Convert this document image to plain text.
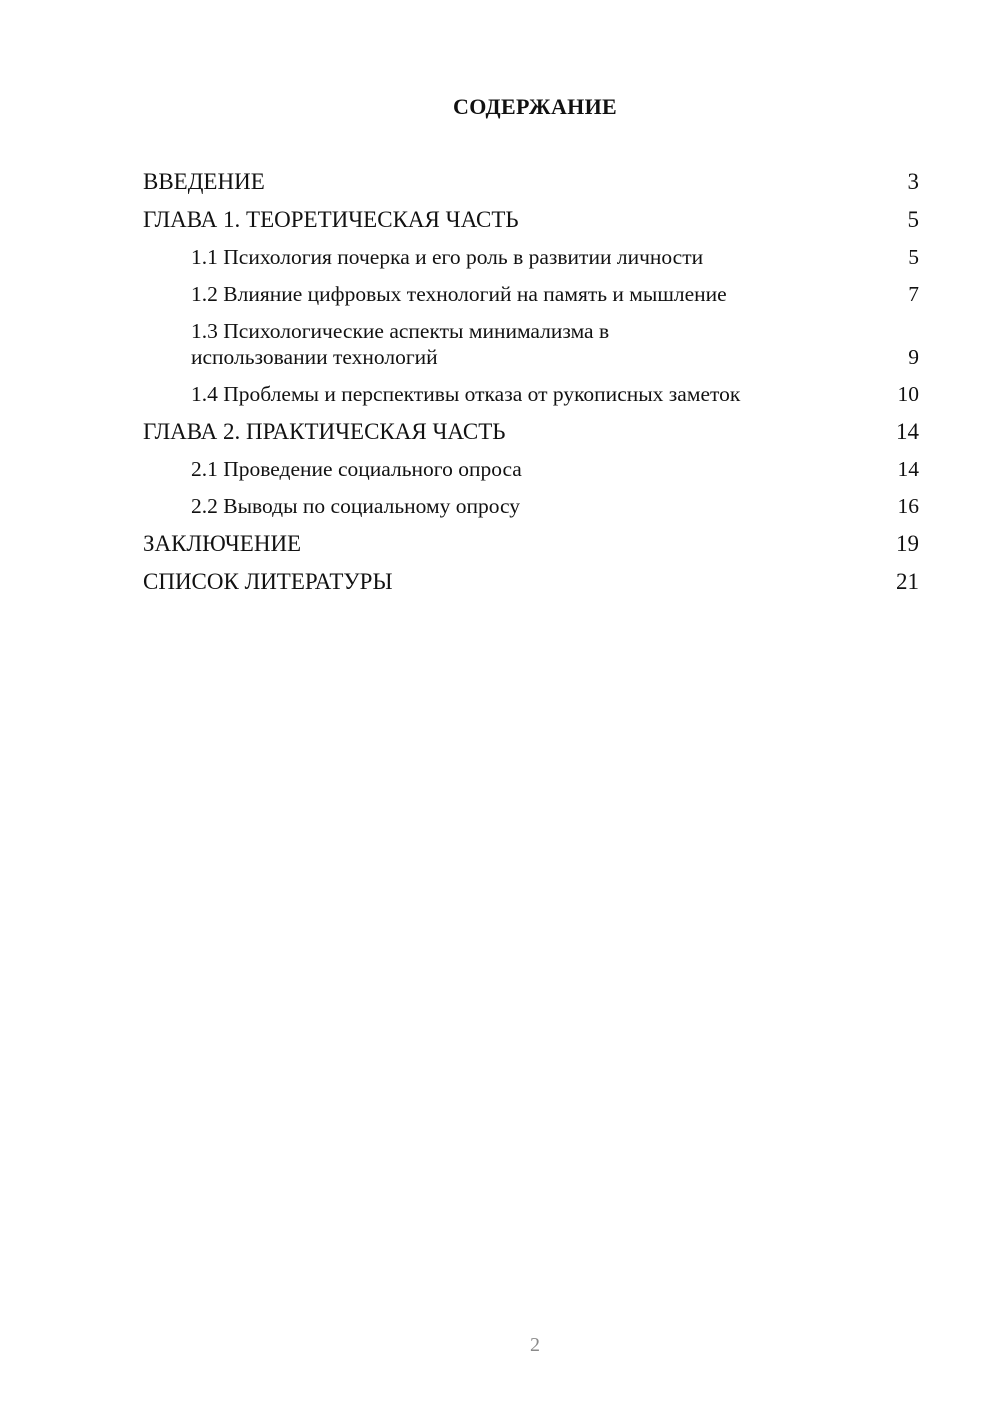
СОДЕРЖАНИЕ
ВВЕДЕНИЕ	3
ГЛАВА 1. ТЕОРЕТИЧЕСКАЯ ЧАСТЬ	5
1.1 Психология почерка и его роль в развитии личности	5
1.2 Влияние цифровых технологий на память и мышление	7
1.3 Психологические аспекты минимализма в использовании технологий	9
1.4 Проблемы и перспективы отказа от рукописных заметок	10
ГЛАВА 2. ПРАКТИЧЕСКАЯ ЧАСТЬ	14
2.1 Проведение социального опроса	14
2.2 Выводы по социальному опросу	16
ЗАКЛЮЧЕНИЕ	19
СПИСОК ЛИТЕРАТУРЫ	21
2
